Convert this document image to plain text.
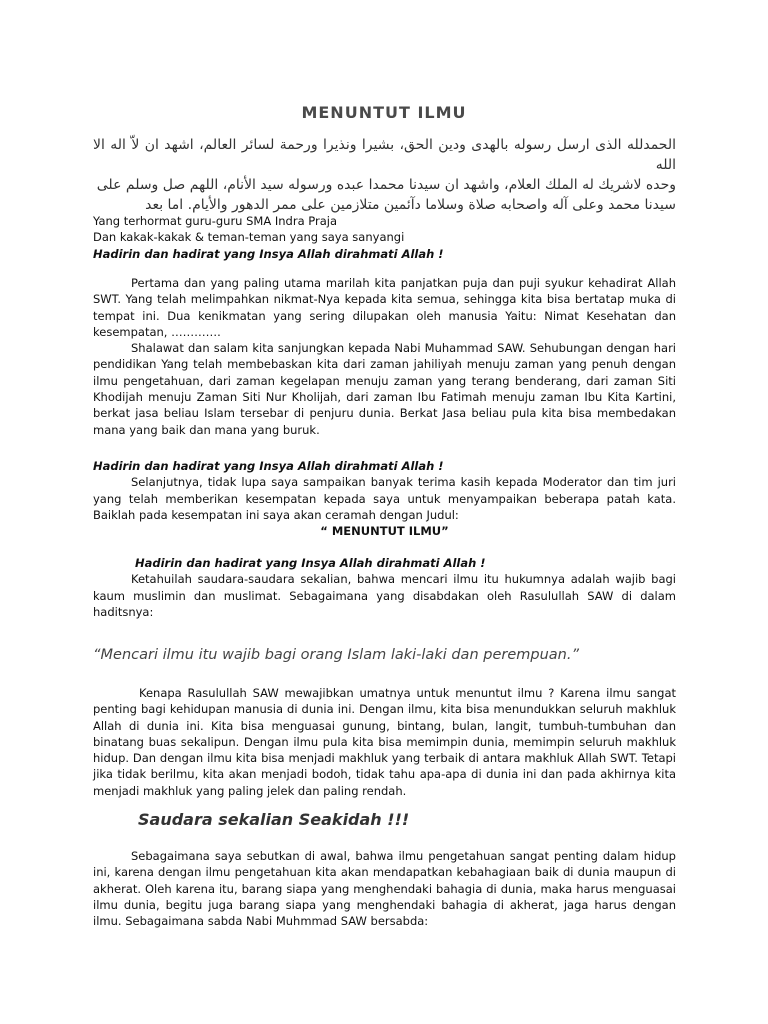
MENUNTUT ILMU
الحمدلله الذى ارسل رسوله بالهدى ودين الحق، بشيرا ونذيرا ورحمة لسائر العالم، اشهد ان لاّ اله الا الله
وحده لاشريك له الملك العلام، واشهد ان سيدنا محمدا عبده ورسوله سيد الأنام، اللهم صل وسلم على
سيدنا محمد وعلى آله واصحابه صلاة وسلاما دآئمين متلازمين على ممر الدهور والأيام. اما بعد
Yang terhormat guru-guru SMA Indra Praja
Dan kakak-kakak & teman-teman yang saya sanyangi
Hadirin dan hadirat yang Insya Allah dirahmati Allah !

Pertama dan yang paling utama marilah kita panjatkan puja dan puji syukur kehadirat Allah SWT. Yang telah melimpahkan nikmat-Nya kepada kita semua, sehingga kita bisa bertatap muka di tempat ini. Dua kenikmatan yang sering dilupakan oleh manusia Yaitu: Nimat Kesehatan dan kesempatan, ………….

Shalawat dan salam kita sanjungkan kepada Nabi Muhammad SAW. Sehubungan dengan hari pendidikan Yang telah membebaskan kita dari zaman jahiliyah menuju zaman yang penuh dengan ilmu pengetahuan, dari zaman kegelapan menuju zaman yang terang benderang, dari zaman Siti Khodijah menuju Zaman Siti Nur Kholijah, dari zaman Ibu Fatimah menuju zaman Ibu Kita Kartini, berkat jasa beliau Islam tersebar di penjuru dunia. Berkat Jasa beliau pula kita bisa membedakan mana yang baik dan mana yang buruk.

Hadirin dan hadirat yang Insya Allah dirahmati Allah !

Selanjutnya, tidak lupa saya sampaikan banyak terima kasih kepada Moderator dan tim juri yang telah memberikan kesempatan kepada saya untuk menyampaikan beberapa patah kata. Baiklah pada kesempatan ini saya akan ceramah dengan Judul:

“ MENUNTUT ILMU”

Hadirin dan hadirat yang Insya Allah dirahmati Allah !

Ketahuilah saudara-saudara sekalian, bahwa mencari ilmu itu hukumnya adalah wajib bagi kaum muslimin dan muslimat. Sebagaimana yang disabdakan oleh Rasulullah SAW di dalam haditsnya:

“Mencari ilmu itu wajib bagi orang Islam laki-laki dan perempuan.”

Kenapa Rasulullah SAW mewajibkan umatnya untuk menuntut ilmu ? Karena ilmu sangat penting bagi kehidupan manusia di dunia ini. Dengan ilmu, kita bisa menundukkan seluruh makhluk Allah di dunia ini. Kita bisa menguasai gunung, bintang, bulan, langit, tumbuh-tumbuhan dan binatang buas sekalipun. Dengan ilmu pula kita bisa memimpin dunia, memimpin seluruh makhluk hidup. Dan dengan ilmu kita bisa menjadi makhluk yang terbaik di antara makhluk Allah SWT. Tetapi jika tidak berilmu, kita akan menjadi bodoh, tidak tahu apa-apa di dunia ini dan pada akhirnya kita menjadi makhluk yang paling jelek dan paling rendah.

Saudara sekalian Seakidah !!!

Sebagaimana saya sebutkan di awal, bahwa ilmu pengetahuan sangat penting dalam hidup ini, karena dengan ilmu pengetahuan kita akan mendapatkan kebahagiaan baik di dunia maupun di akherat. Oleh karena itu, barang siapa yang menghendaki bahagia di dunia, maka harus menguasai ilmu dunia, begitu juga barang siapa yang menghendaki bahagia di akherat, jaga harus dengan ilmu. Sebagaimana sabda Nabi Muhmmad SAW bersabda:
